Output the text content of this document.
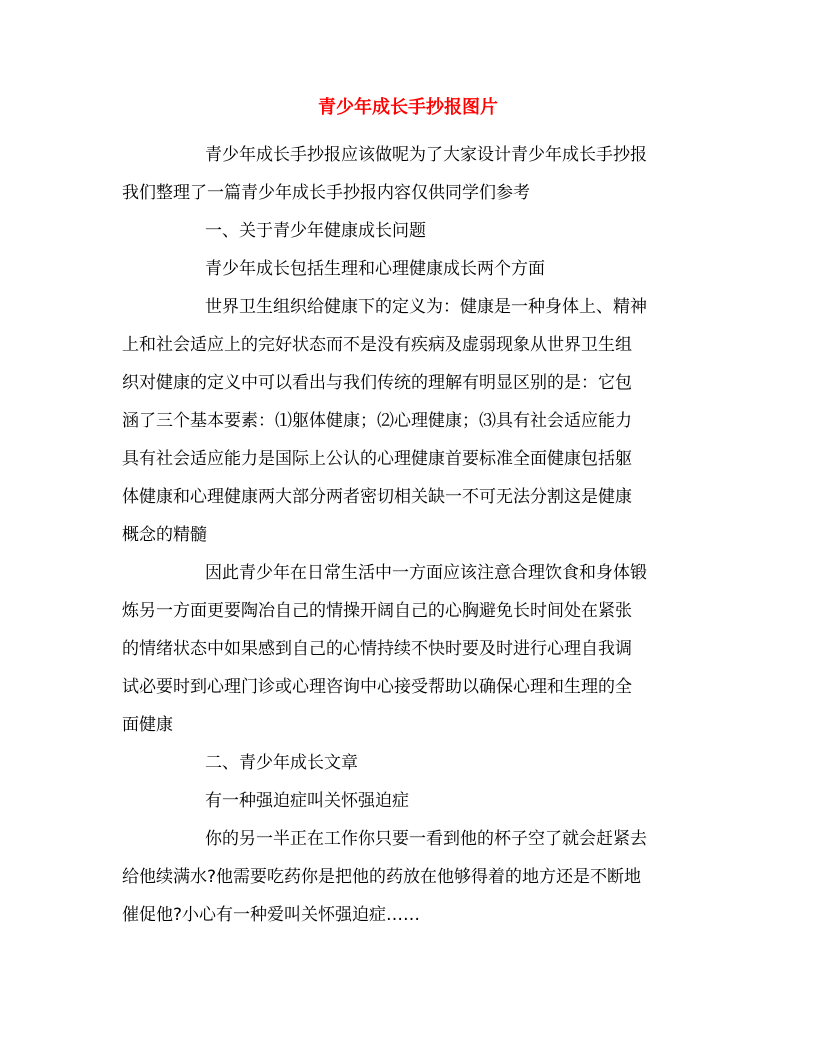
青少年成长手抄报图片
青少年成长手抄报应该做呢为了大家设计青少年成长手抄报
我们整理了一篇青少年成长手抄报内容仅供同学们参考
一、关于青少年健康成长问题
青少年成长包括生理和心理健康成长两个方面
世界卫生组织给健康下的定义为：健康是一种身体上、精神
上和社会适应上的完好状态而不是没有疾病及虚弱现象从世界卫生组
织对健康的定义中可以看出与我们传统的理解有明显区别的是：它包
涵了三个基本要素：⑴躯体健康；⑵心理健康；⑶具有社会适应能力
具有社会适应能力是国际上公认的心理健康首要标准全面健康包括躯
体健康和心理健康两大部分两者密切相关缺一不可无法分割这是健康
概念的精髓
因此青少年在日常生活中一方面应该注意合理饮食和身体锻
炼另一方面更要陶冶自己的情操开阔自己的心胸避免长时间处在紧张
的情绪状态中如果感到自己的心情持续不快时要及时进行心理自我调
试必要时到心理门诊或心理咨询中心接受帮助以确保心理和生理的全
面健康
二、青少年成长文章
有一种强迫症叫关怀强迫症
你的另一半正在工作你只要一看到他的杯子空了就会赶紧去
给他续满水?他需要吃药你是把他的药放在他够得着的地方还是不断地
催促他?小心有一种爱叫关怀强迫症……
